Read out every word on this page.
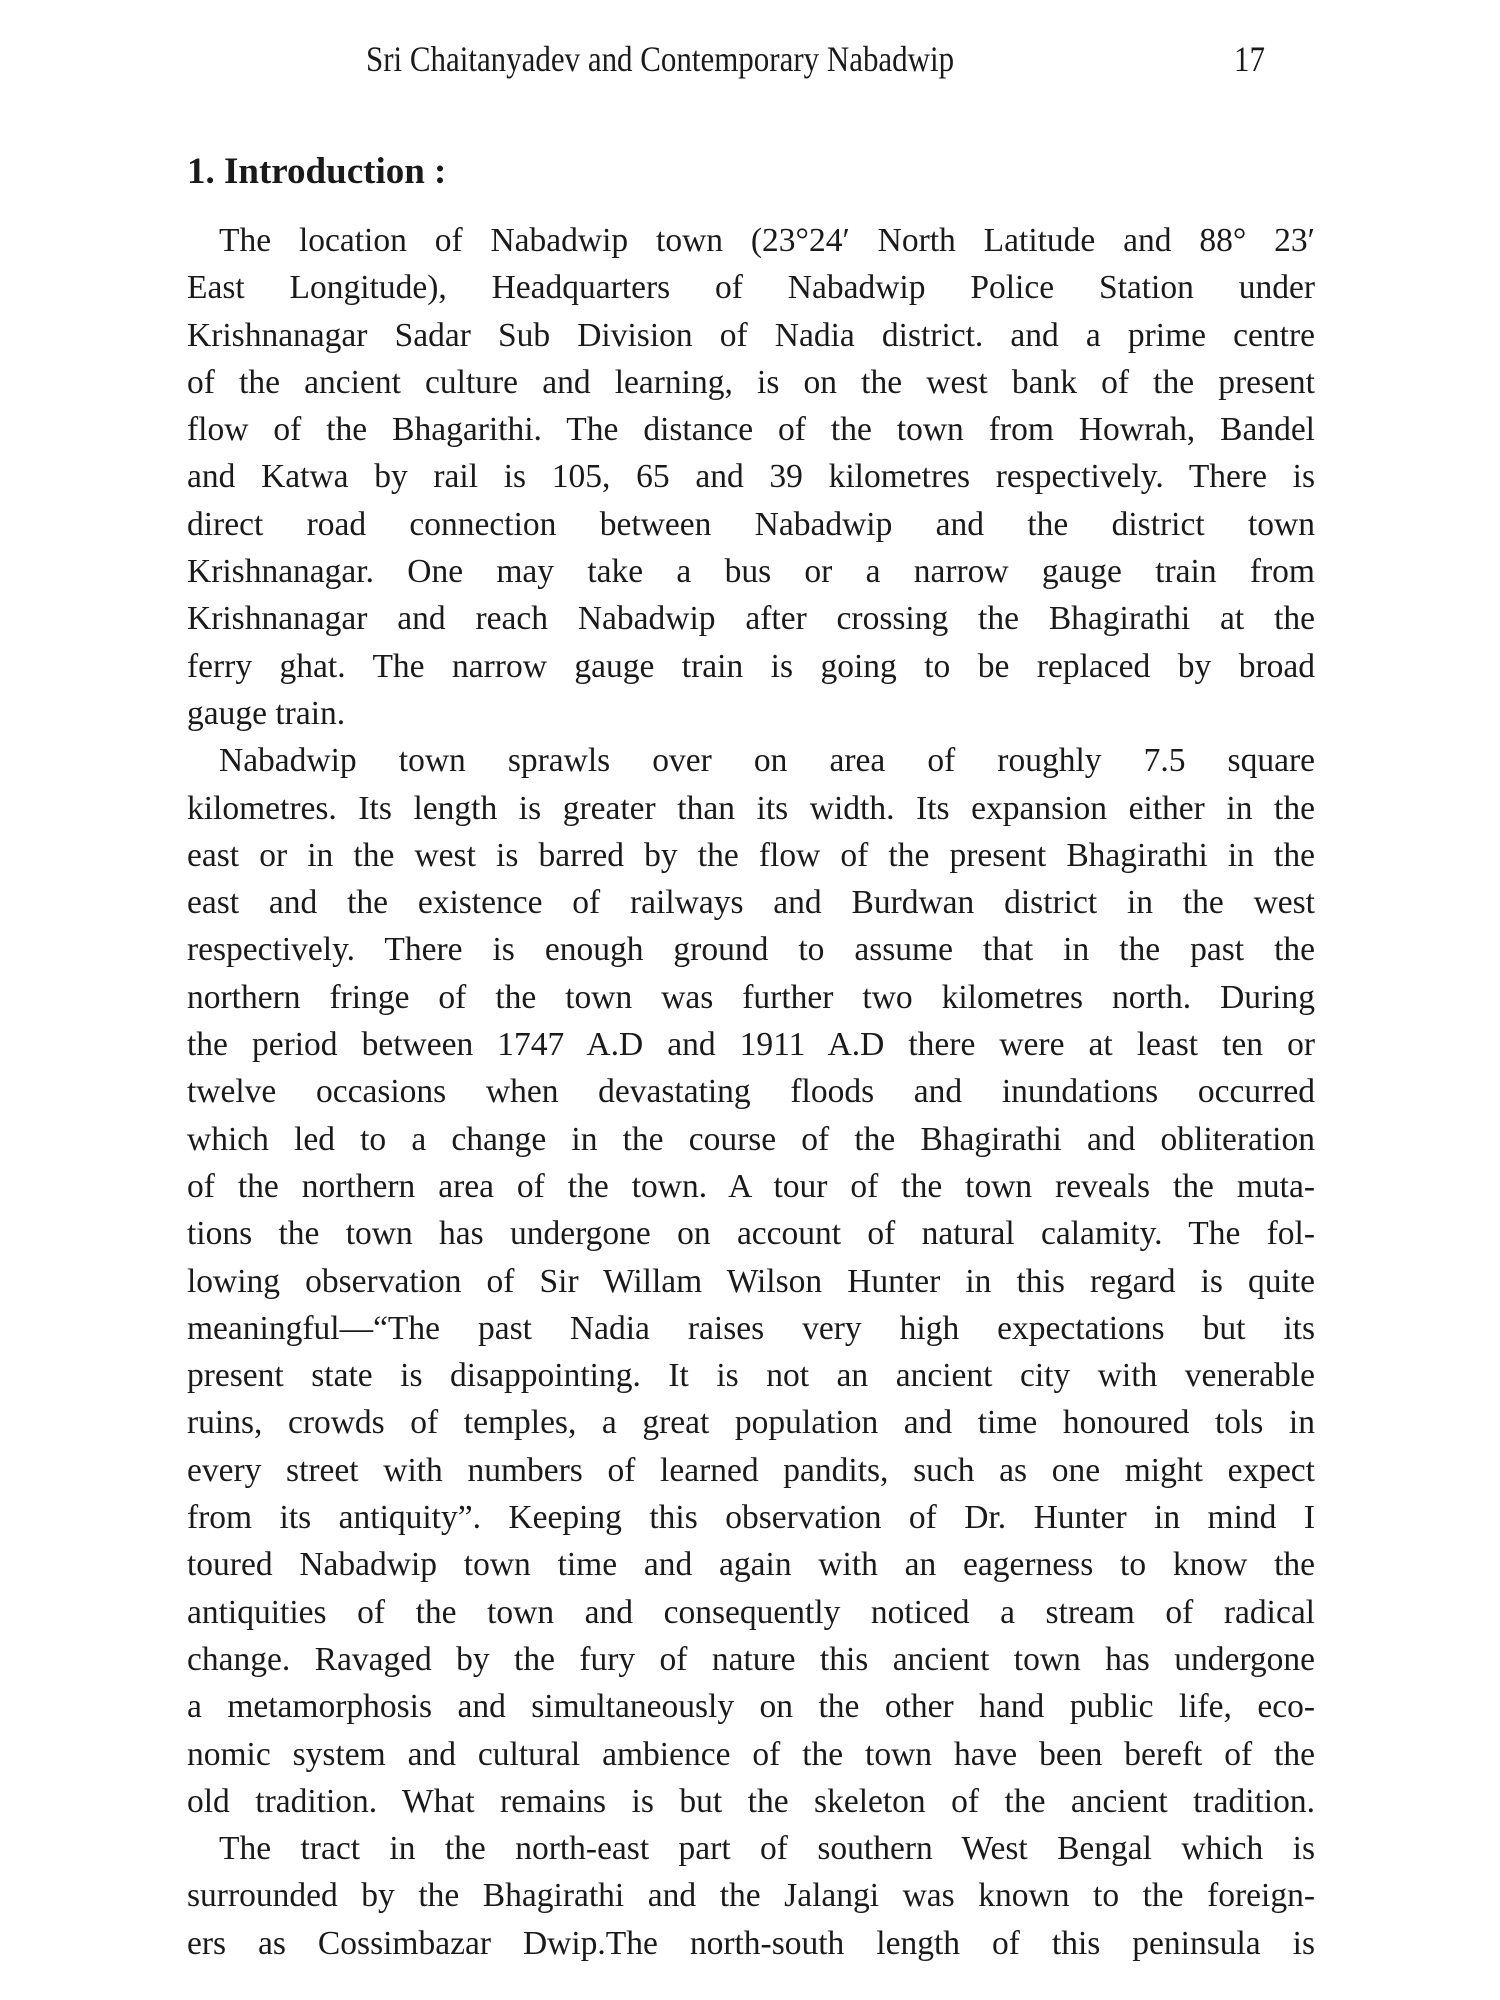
Sri Chaitanyadev and Contemporary Nabadwip	17
1. Introduction :
The location of Nabadwip town (23°24′ North Latitude and 88° 23′
East Longitude), Headquarters of Nabadwip Police Station under
Krishnanagar Sadar Sub Division of Nadia district. and a prime centre
of the ancient culture and learning, is on the west bank of the present
flow of the Bhagarithi. The distance of the town from Howrah, Bandel
and Katwa by rail is 105, 65 and 39 kilometres respectively. There is
direct road connection between Nabadwip and the district town
Krishnanagar. One may take a bus or a narrow gauge train from
Krishnanagar and reach Nabadwip after crossing the Bhagirathi at the
ferry ghat. The narrow gauge train is going to be replaced by broad
gauge train.
Nabadwip town sprawls over on area of roughly 7.5 square
kilometres. Its length is greater than its width. Its expansion either in the
east or in the west is barred by the flow of the present Bhagirathi in the
east and the existence of railways and Burdwan district in the west
respectively. There is enough ground to assume that in the past the
northern fringe of the town was further two kilometres north. During
the period between 1747 A.D and 1911 A.D there were at least ten or
twelve occasions when devastating floods and inundations occurred
which led to a change in the course of the Bhagirathi and obliteration
of the northern area of the town. A tour of the town reveals the muta-
tions the town has undergone on account of natural calamity. The fol-
lowing observation of Sir Willam Wilson Hunter in this regard is quite
meaningful—“The past Nadia raises very high expectations but its
present state is disappointing. It is not an ancient city with venerable
ruins, crowds of temples, a great population and time honoured tols in
every street with numbers of learned pandits, such as one might expect
from its antiquity”. Keeping this observation of Dr. Hunter in mind I
toured Nabadwip town time and again with an eagerness to know the
antiquities of the town and consequently noticed a stream of radical
change. Ravaged by the fury of nature this ancient town has undergone
a metamorphosis and simultaneously on the other hand public life, eco-
nomic system and cultural ambience of the town have been bereft of the
old tradition. What remains is but the skeleton of the ancient tradition.
The tract in the north-east part of southern West Bengal which is
surrounded by the Bhagirathi and the Jalangi was known to the foreign-
ers as Cossimbazar Dwip.The north-south length of this peninsula is
